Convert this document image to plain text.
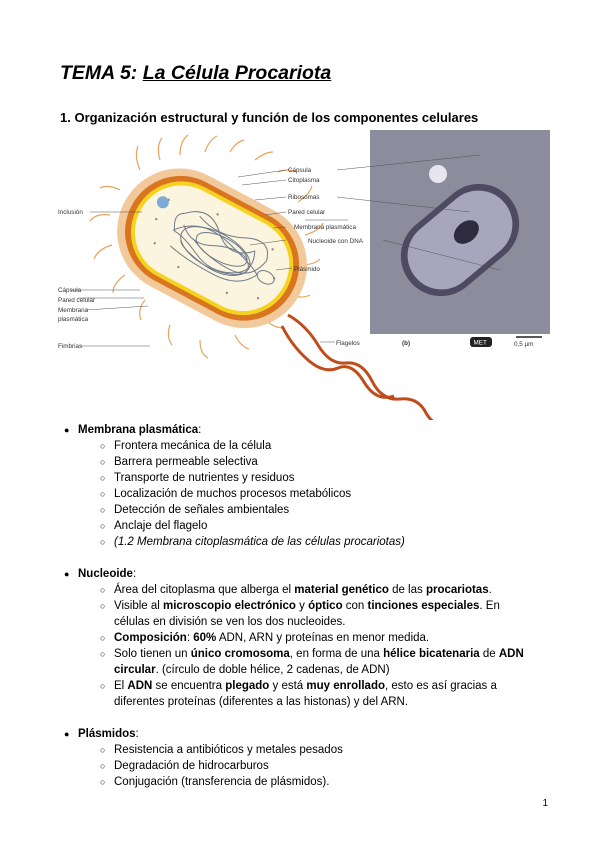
TEMA 5: La Célula Procariota
1. Organización estructural y función de los componentes celulares
(b)	MET	0,5 μm
Cápsula
Citoplasma
Ribosomas
Pared celular
Membrana plasmática
Nucleoide con DNA
Plásmido
Flagelos
Inclusión
Cápsula
Pared celular
Membrana
plasmática
Fimbrias
● Membrana plasmática:
○ Frontera mecánica de la célula
○ Barrera permeable selectiva
○ Transporte de nutrientes y residuos
○ Localización de muchos procesos metabólicos
○ Detección de señales ambientales
○ Anclaje del flagelo
○ (1.2 Membrana citoplasmática de las células procariotas)
● Nucleoide:
○ Área del citoplasma que alberga el material genético de las procariotas.
○ Visible al microscopio electrónico y óptico con tinciones especiales. En células en división se ven los dos nucleoides.
○ Composición: 60% ADN, ARN y proteínas en menor medida.
○ Solo tienen un único cromosoma, en forma de una hélice bicatenaria de ADN circular. (círculo de doble hélice, 2 cadenas, de ADN)
○ El ADN se encuentra plegado y está muy enrollado, esto es así gracias a diferentes proteínas (diferentes a las histonas) y del ARN.
● Plásmidos:
○ Resistencia a antibióticos y metales pesados
○ Degradación de hidrocarburos
○ Conjugación (transferencia de plásmidos).
1
